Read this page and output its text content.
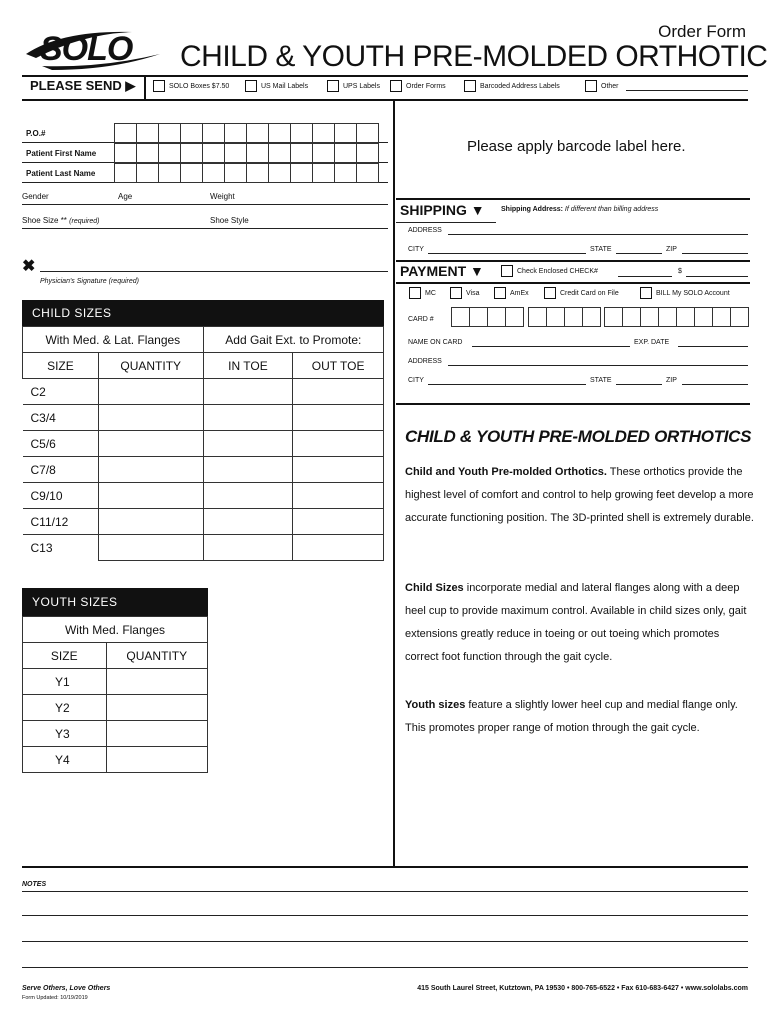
SOLO	Order Form
CHILD & YOUTH PRE-MOLDED ORTHOTIC
PLEASE SEND ▶	SOLO Boxes $7.50	US Mail Labels	UPS Labels	Order Forms	Barcoded Address Labels	Other
P.O.#
Patient First Name
Patient Last Name
Gender	Age	Weight
Shoe Size ** (required)	Shoe Style
✖
Physician's Signature (required)
Please apply barcode label here.
SHIPPING ▼ Shipping Address: If different than billing address
ADDRESS
CITY	STATE	ZIP
PAYMENT ▼	Check Enclosed CHECK#	$
MC	Visa	AmEx	Credit Card on File	BILL My SOLO Account
CARD #
NAME ON CARD	EXP. DATE
ADDRESS
CITY	STATE	ZIP
CHILD SIZES
With Med. & Lat. Flanges		Add Gait Ext. to Promote:	
SIZE	QUANTITY	IN TOE	OUT TOE
C2			
C3/4			
C5/6			
C7/8			
C9/10			
C11/12			
C13			
YOUTH SIZES
With Med. Flanges	
SIZE	QUANTITY
Y1	
Y2	
Y3	
Y4	
CHILD & YOUTH PRE-MOLDED ORTHOTICS
Child and Youth Pre-molded Orthotics. These orthotics provide the highest level of comfort and control to help growing feet develop a more accurate functioning position. The 3D-printed shell is extremely durable.
Child Sizes incorporate medial and lateral flanges along with a deep heel cup to provide maximum control. Available in child sizes only, gait extensions greatly reduce in toeing or out toeing which promotes correct foot function through the gait cycle.
Youth sizes feature a slightly lower heel cup and medial flange only. This promotes proper range of motion through the gait cycle.
NOTES
Serve Others, Love Others
Form Updated: 10/19/2019
415 South Laurel Street, Kutztown, PA 19530 • 800-765-6522 • Fax 610-683-6427 • www.sololabs.com
